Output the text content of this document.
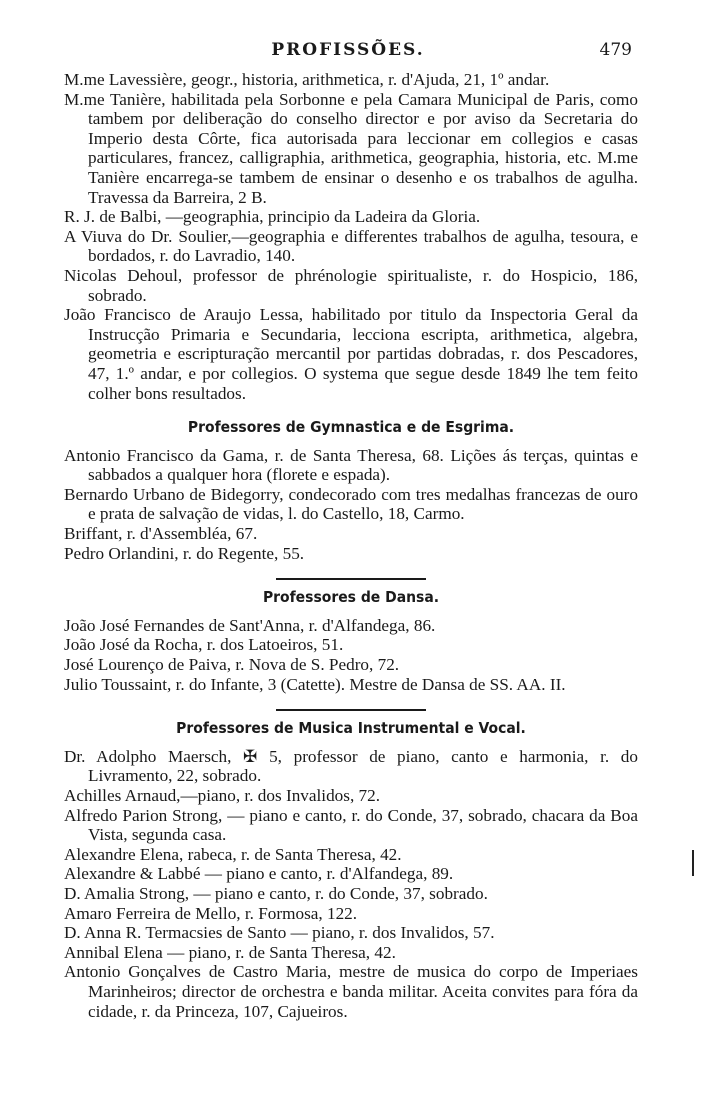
PROFISSÕES.	479

M.me Lavessière, geogr., historia, arithmetica, r. d'Ajuda, 21, 1º andar.

M.me Tanière, habilitada pela Sorbonne e pela Camara Municipal de Paris, como tambem por deliberação do conselho director e por aviso da Secretaria do Imperio desta Côrte, fica autorisada para leccionar em collegios e casas particulares, francez, calligraphia, arithmetica, geographia, historia, etc. M.me Tanière encarrega-se tambem de ensinar o desenho e os trabalhos de agulha. Travessa da Barreira, 2 B.

R. J. de Balbi, —geographia, principio da Ladeira da Gloria.

A Viuva do Dr. Soulier,—geographia e differentes trabalhos de agulha, tesoura, e bordados, r. do Lavradio, 140.

Nicolas Dehoul, professor de phrénologie spiritualiste, r. do Hospicio, 186, sobrado.

João Francisco de Araujo Lessa, habilitado por titulo da Inspectoria Geral da Instrucção Primaria e Secundaria, lecciona escripta, arithmetica, algebra, geometria e escripturação mercantil por partidas dobradas, r. dos Pescadores, 47, 1.º andar, e por collegios. O systema que segue desde 1849 lhe tem feito colher bons resultados.

Professores de Gymnastica e de Esgrima.

Antonio Francisco da Gama, r. de Santa Theresa, 68. Lições ás terças, quintas e sabbados a qualquer hora (florete e espada).

Bernardo Urbano de Bidegorry, condecorado com tres medalhas francezas de ouro e prata de salvação de vidas, l. do Castello, 18, Carmo.

Briffant, r. d'Assembléa, 67.

Pedro Orlandini, r. do Regente, 55.

Professores de Dansa.

João José Fernandes de Sant'Anna, r. d'Alfandega, 86.

João José da Rocha, r. dos Latoeiros, 51.

José Lourenço de Paiva, r. Nova de S. Pedro, 72.

Julio Toussaint, r. do Infante, 3 (Catette). Mestre de Dansa de SS. AA. II.

Professores de Musica Instrumental e Vocal.

Dr. Adolpho Maersch, ✠ 5, professor de piano, canto e harmonia, r. do Livramento, 22, sobrado.

Achilles Arnaud,—piano, r. dos Invalidos, 72.

Alfredo Parion Strong, — piano e canto, r. do Conde, 37, sobrado, chacara da Boa Vista, segunda casa.

Alexandre Elena, rabeca, r. de Santa Theresa, 42.

Alexandre & Labbé — piano e canto, r. d'Alfandega, 89.

D. Amalia Strong, — piano e canto, r. do Conde, 37, sobrado.

Amaro Ferreira de Mello, r. Formosa, 122.

D. Anna R. Termacsies de Santo — piano, r. dos Invalidos, 57.

Annibal Elena — piano, r. de Santa Theresa, 42.

Antonio Gonçalves de Castro Maria, mestre de musica do corpo de Imperiaes Marinheiros; director de orchestra e banda militar. Aceita convites para fóra da cidade, r. da Princeza, 107, Cajueiros.
